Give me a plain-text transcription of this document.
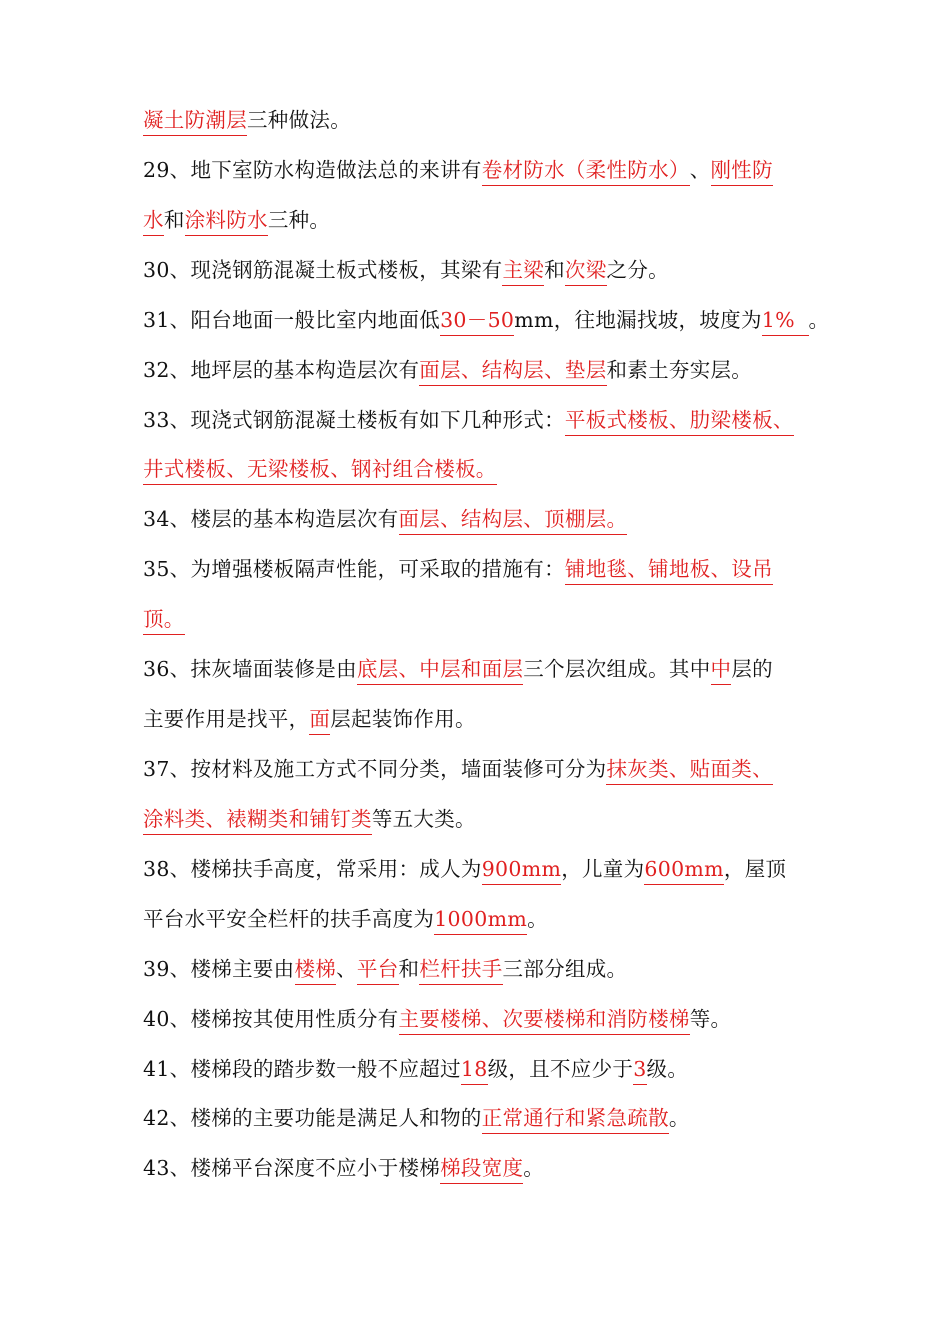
凝土防潮层三种做法。
29、地下室防水构造做法总的来讲有卷材防水（柔性防水）、刚性防
水和涂料防水三种。
30、现浇钢筋混凝土板式楼板，其梁有主梁和次梁之分。
31、阳台地面一般比室内地面低30－50mm，往地漏找坡，坡度为1%  。
32、地坪层的基本构造层次有面层、结构层、垫层和素土夯实层。
33、现浇式钢筋混凝土楼板有如下几种形式：平板式楼板、肋梁楼板、
井式楼板、无梁楼板、钢衬组合楼板。
34、楼层的基本构造层次有面层、结构层、顶棚层。
35、为增强楼板隔声性能，可采取的措施有：铺地毯、铺地板、设吊
顶。
36、抹灰墙面装修是由底层、中层和面层三个层次组成。其中中层的
主要作用是找平，面层起装饰作用。
37、按材料及施工方式不同分类，墙面装修可分为抹灰类、贴面类、
涂料类、裱糊类和铺钉类等五大类。
38、楼梯扶手高度，常采用：成人为900mm，儿童为600mm，屋顶
平台水平安全栏杆的扶手高度为1000mm。
39、楼梯主要由楼梯、平台和栏杆扶手三部分组成。
40、楼梯按其使用性质分有主要楼梯、次要楼梯和消防楼梯等。
41、楼梯段的踏步数一般不应超过18级，且不应少于3级。
42、楼梯的主要功能是满足人和物的正常通行和紧急疏散。
43、楼梯平台深度不应小于楼梯梯段宽度。
